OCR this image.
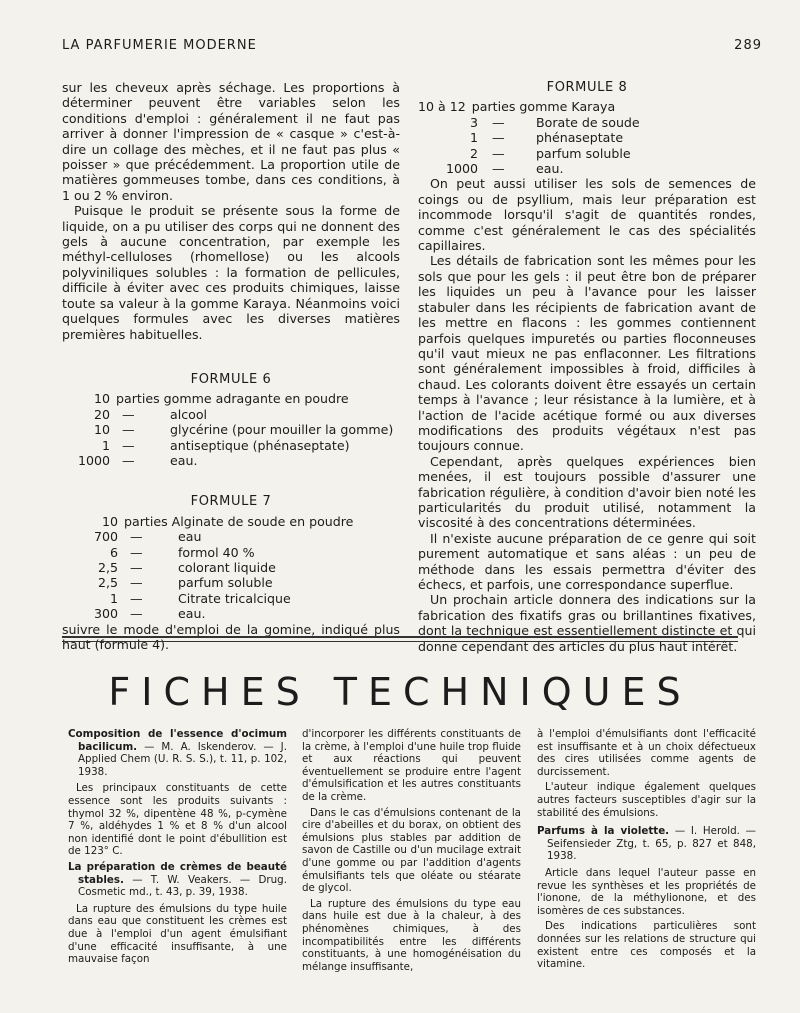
LA PARFUMERIE MODERNE	289

sur les cheveux après séchage. Les proportions à déterminer peuvent être variables selon les conditions d'emploi : généralement il ne faut pas arriver à donner l'impression de « casque » c'est-à-dire un collage des mèches, et il ne faut pas plus « poisser » que précédemment. La proportion utile de matières gommeuses tombe, dans ces conditions, à 1 ou 2 % environ.

Puisque le produit se présente sous la forme de liquide, on a pu utiliser des corps qui ne donnent des gels à aucune concentration, par exemple les méthyl-celluloses (rhomellose) ou les alcools polyviniliques solubles : la formation de pellicules, difficile à éviter avec ces produits chimiques, laisse toute sa valeur à la gomme Karaya. Néanmoins voici quelques formules avec les diverses matières premières habituelles.

FORMULE 6
10 parties gomme adragante en poudre
20 —	alcool
10 —	glycérine (pour mouiller la gomme)
1 —	antiseptique (phénaseptate)
1000 —	eau.
FORMULE 7
10 parties Alginate de soude en poudre
700 —	eau
6 —	formol 40 %
2,5 —	colorant liquide
2,5 —	parfum soluble
1 —	Citrate tricalcique
300 —	eau.

suivre le mode d'emploi de la gomine, indiqué plus haut (formule 4).

FORMULE 8
10 à 12 parties gomme Karaya
3	—	Borate de soude
1	—	phénaseptate
2	—	parfum soluble
1000	—	eau.

On peut aussi utiliser les sols de semences de coings ou de psyllium, mais leur préparation est incommode lorsqu'il s'agit de quantités rondes, comme c'est généralement le cas des spécialités capillaires.

Les détails de fabrication sont les mêmes pour les sols que pour les gels : il peut être bon de préparer les liquides un peu à l'avance pour les laisser stabuler dans les récipients de fabrication avant de les mettre en flacons : les gommes contiennent parfois quelques impuretés ou parties floconneuses qu'il vaut mieux ne pas enflaconner. Les filtrations sont généralement impossibles à froid, difficiles à chaud. Les colorants doivent être essayés un certain temps à l'avance ; leur résistance à la lumière, et à l'action de l'acide acétique formé ou aux diverses modifications des produits végétaux n'est pas toujours connue.

Cependant, après quelques expériences bien menées, il est toujours possible d'assurer une fabrication régulière, à condition d'avoir bien noté les particularités du produit utilisé, notamment la viscosité à des concentrations déterminées.

Il n'existe aucune préparation de ce genre qui soit purement automatique et sans aléas : un peu de méthode dans les essais permettra d'éviter des échecs, et parfois, une correspondance superflue.

Un prochain article donnera des indications sur la fabrication des fixatifs gras ou brillantines fixatives, dont la technique est essentiellement distincte et qui donne cependant des articles du plus haut intérêt.

FICHES TECHNIQUES

Composition de l'essence d'ocimum bacilicum. — M. A. Iskenderov. — J. Applied Chem (U. R. S. S.), t. 11, p. 102, 1938.

Les principaux constituants de cette essence sont les produits suivants : thymol 32 %, dipentène 48 %, p-cymène 7 %, aldéhydes 1 % et 8 % d'un alcool non identifié dont le point d'ébullition est de 123° C.

La préparation de crèmes de beauté stables. — T. W. Veakers. — Drug. Cosmetic md., t. 43, p. 39, 1938.

La rupture des émulsions du type huile dans eau que constituent les crèmes est due à l'emploi d'un agent émulsifiant d'une efficacité insuffisante, à une mauvaise façon

d'incorporer les différents constituants de la crème, à l'emploi d'une huile trop fluide et aux réactions qui peuvent éventuellement se produire entre l'agent d'émulsification et les autres constituants de la crème.

Dans le cas d'émulsions contenant de la cire d'abeilles et du borax, on obtient des émulsions plus stables par addition de savon de Castille ou d'un mucilage extrait d'une gomme ou par l'addition d'agents émulsifiants tels que oléate ou stéarate de glycol.

La rupture des émulsions du type eau dans huile est due à la chaleur, à des phénomènes chimiques, à des incompatibilités entre les différents constituants, à une homogénéisation du mélange insuffisante,

à l'emploi d'émulsifiants dont l'efficacité est insuffisante et à un choix défectueux des cires utilisées comme agents de durcissement.

L'auteur indique également quelques autres facteurs susceptibles d'agir sur la stabilité des émulsions.

Parfums à la violette. — I. Herold. — Seifensieder Ztg, t. 65, p. 827 et 848, 1938.

Article dans lequel l'auteur passe en revue les synthèses et les propriétés de l'ionone, de la méthylionone, et des isomères de ces substances.

Des indications particulières sont données sur les relations de structure qui existent entre ces composés et la vitamine.
